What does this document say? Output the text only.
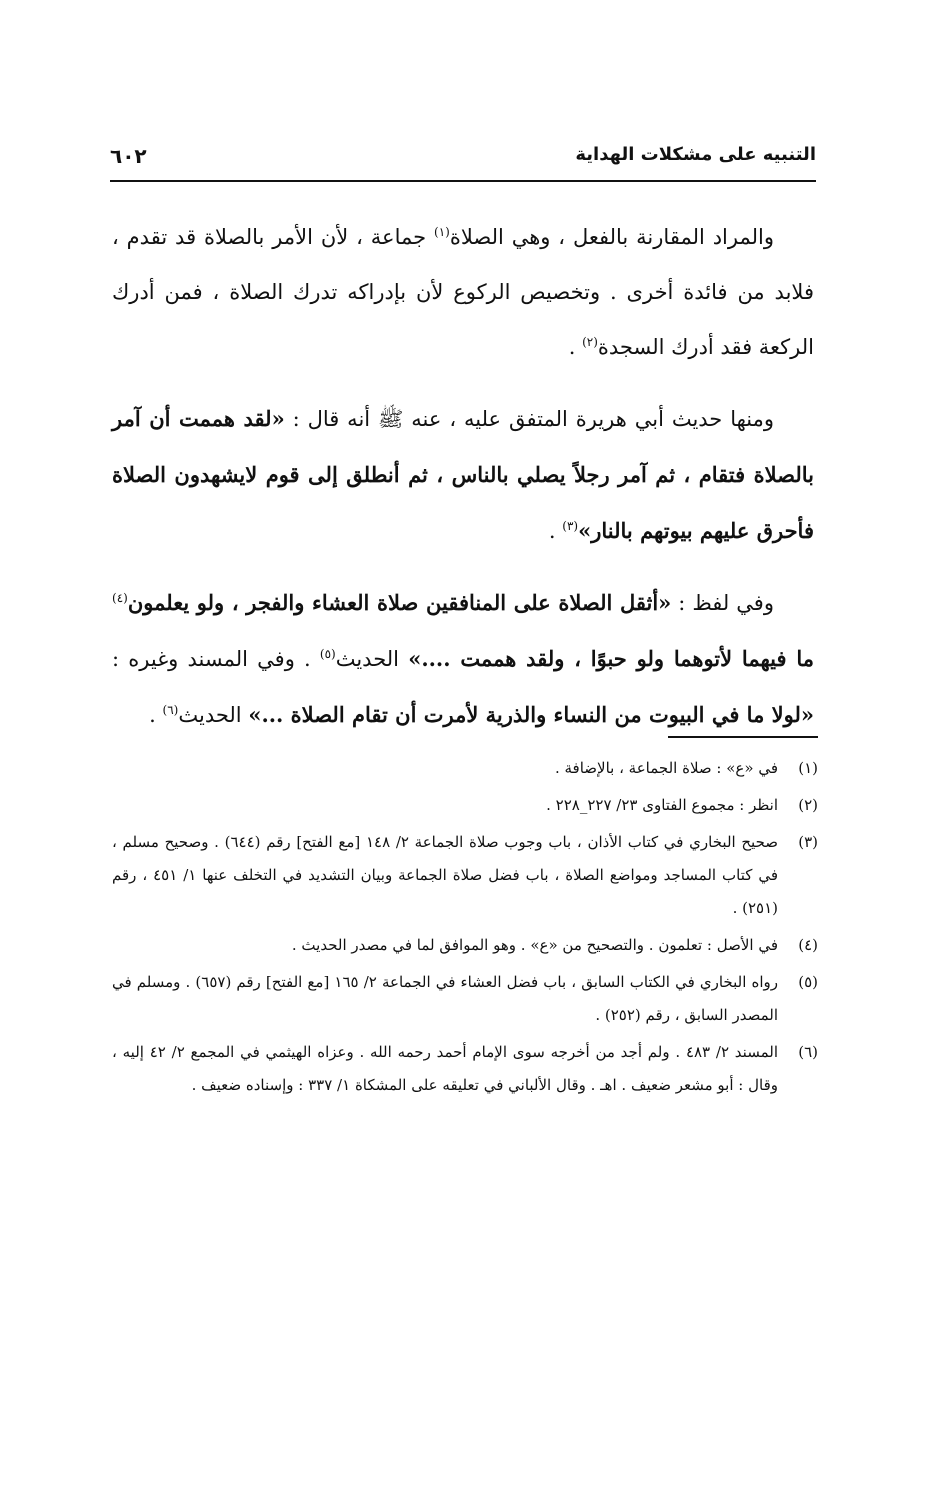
التنبيه على مشكلات الهداية
٦٠٢

والمراد المقارنة بالفعل ، وهي الصلاة$^{(١)}$ جماعة ، لأن الأمر بالصلاة قد تقدم ، فلابد من فائدة أخرى . وتخصيص الركوع لأن بإدراكه تدرك الصلاة ، فمن أدرك الركعة فقد أدرك السجدة$^{(٢)}$ .

ومنها حديث أبي هريرة المتفق عليه ، عنه ﷺ أنه قال : «لقد هممت أن آمر بالصلاة فتقام ، ثم آمر رجلاً يصلي بالناس ، ثم أنطلق إلى قوم لايشهدون الصلاة فأحرق عليهم بيوتهم بالنار»$^{(٣)}$ .

وفي لفظ : «أثقل الصلاة على المنافقين صلاة العشاء والفجر ، ولو يعلمون$^{(٤)}$ ما فيهما لأتوهما ولو حبوًا ، ولقد هممت ....» الحديث$^{(٥)}$ . وفي المسند وغيره : «لولا ما في البيوت من النساء والذرية لأمرت أن تقام الصلاة ...» الحديث$^{(٦)}$ .

(١)
في «ع» : صلاة الجماعة ، بالإضافة .
(٢)
انظر : مجموع الفتاوى ٢٣/ ٢٢٧_٢٢٨ .
(٣)
صحيح البخاري في كتاب الأذان ، باب وجوب صلاة الجماعة ٢/ ١٤٨ [مع الفتح] رقم (٦٤٤) . وصحيح مسلم ، في كتاب المساجد ومواضع الصلاة ، باب فضل صلاة الجماعة وبيان التشديد في التخلف عنها ١/ ٤٥١ ، رقم (٢٥١) .
(٤)
في الأصل : تعلمون . والتصحيح من «ع» . وهو الموافق لما في مصدر الحديث .
(٥)
رواه البخاري في الكتاب السابق ، باب فضل العشاء في الجماعة ٢/ ١٦٥ [مع الفتح] رقم (٦٥٧) . ومسلم في المصدر السابق ، رقم (٢٥٢) .
(٦)
المسند ٢/ ٤٨٣ . ولم أجد من أخرجه سوى الإمام أحمد رحمه الله . وعزاه الهيثمي في المجمع ٢/ ٤٢ إليه ، وقال : أبو مشعر ضعيف . اهـ . وقال الألباني في تعليقه على المشكاة ١/ ٣٣٧ : وإسناده ضعيف .
